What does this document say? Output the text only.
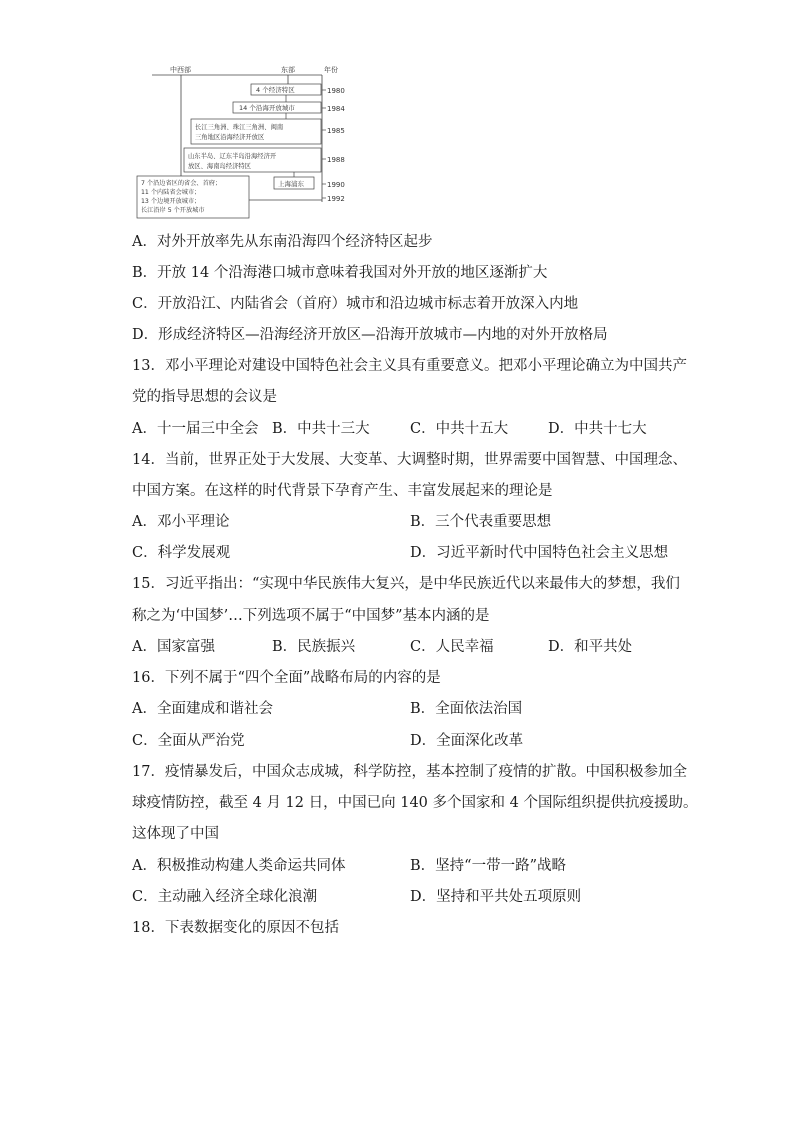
中西部	东部	年份
4 个经济特区
14 个沿海开放城市
长江三角洲、珠江三角洲、闽南
三角地区沿海经济开放区
山东半岛、辽东半岛沿海经济开
放区、海南岛经济特区
上海浦东
7 个沿边省区的省会、首府；
11 个内陆省会城市；
13 个边境开放城市；
长江沿岸 5 个开放城市
1980
1984
1985
1988
1990
1992
A．对外开放率先从东南沿海四个经济特区起步
B．开放 14 个沿海港口城市意味着我国对外开放的地区逐渐扩大
C．开放沿江、内陆省会（首府）城市和沿边城市标志着开放深入内地
D．形成经济特区—沿海经济开放区—沿海开放城市—内地的对外开放格局
13．邓小平理论对建设中国特色社会主义具有重要意义。把邓小平理论确立为中国共产
党的指导思想的会议是
A．十一届三中全会 B．中共十三大	C．中共十五大	D．中共十七大
14．当前，世界正处于大发展、大变革、大调整时期，世界需要中国智慧、中国理念、
中国方案。在这样的时代背景下孕育产生、丰富发展起来的理论是
A．邓小平理论	B．三个代表重要思想
C．科学发展观	D．习近平新时代中国特色社会主义思想
15．习近平指出：“实现中华民族伟大复兴，是中华民族近代以来最伟大的梦想，我们
称之为‘中国梦’…下列选项不属于“中国梦”基本内涵的是
A．国家富强	B．民族振兴	C．人民幸福	D．和平共处
16．下列不属于“四个全面”战略布局的内容的是
A．全面建成和谐社会	B．全面依法治国
C．全面从严治党	D．全面深化改革
17．疫情暴发后，中国众志成城，科学防控，基本控制了疫情的扩散。中国积极参加全
球疫情防控，截至 4 月 12 日，中国已向 140 多个国家和 4 个国际组织提供抗疫援助。
这体现了中国
A．积极推动构建人类命运共同体	B．坚持“一带一路”战略
C．主动融入经济全球化浪潮	D．坚持和平共处五项原则
18．下表数据变化的原因不包括
